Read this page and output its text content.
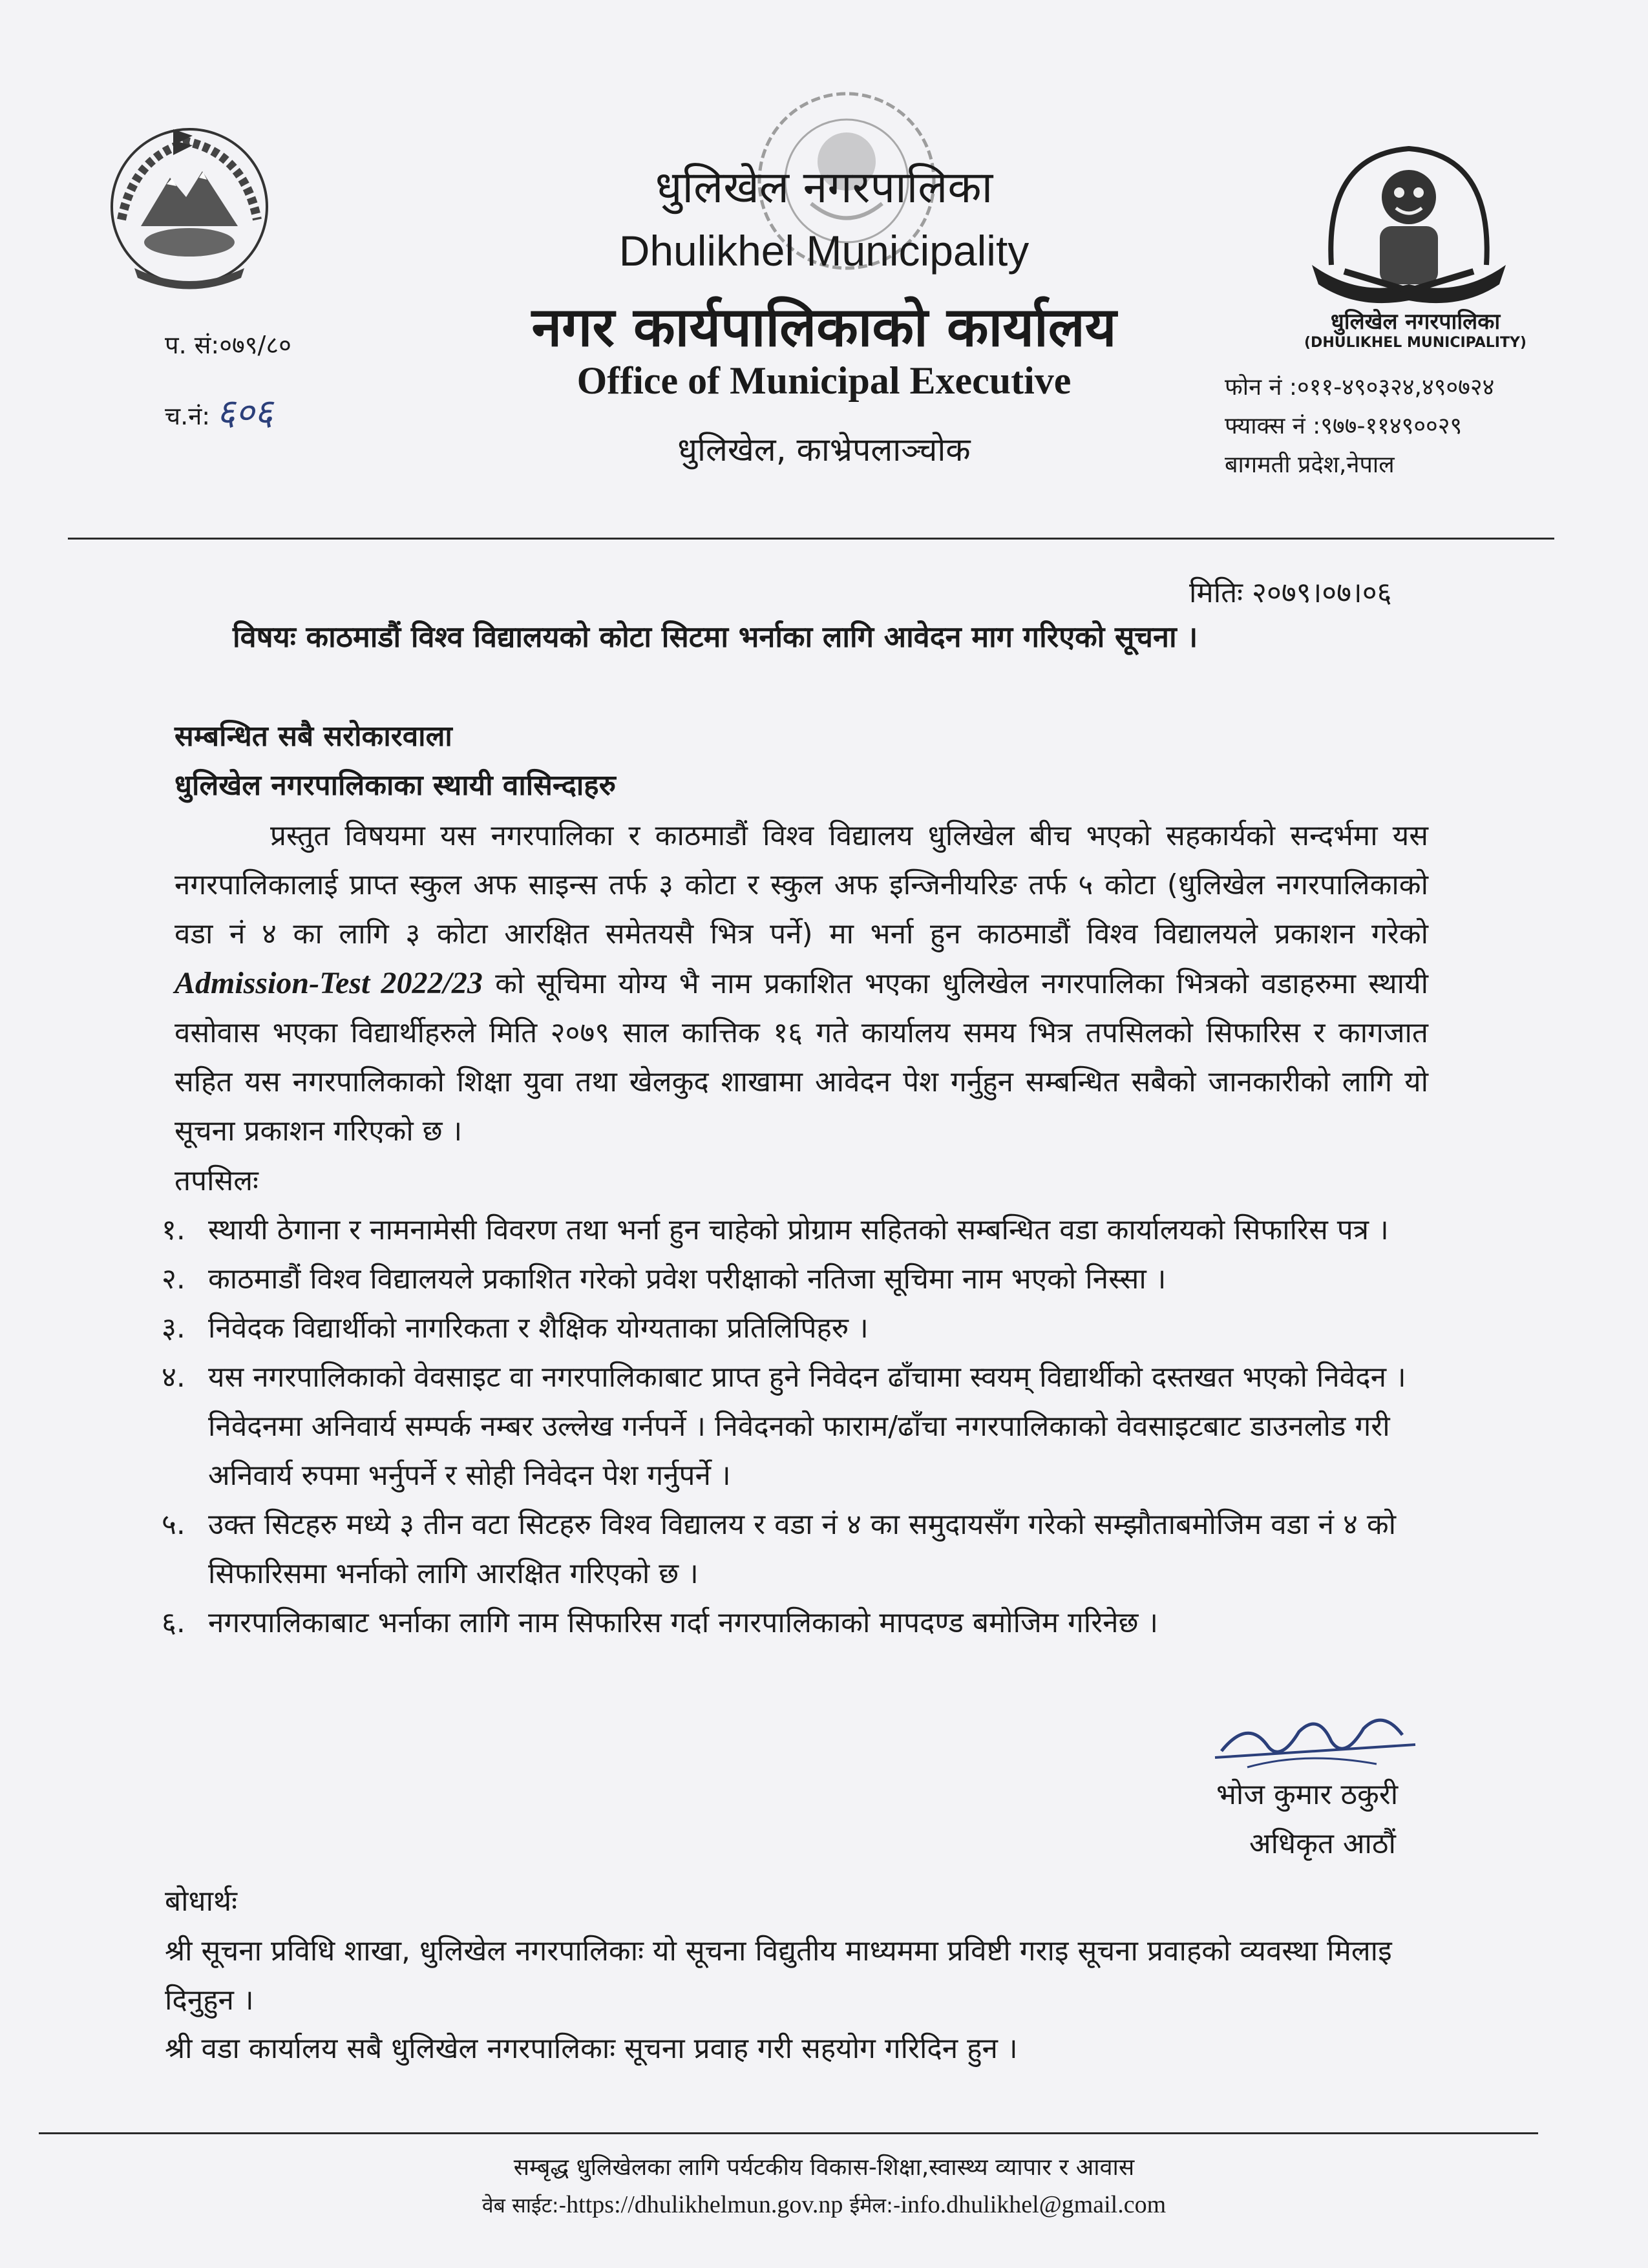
धुलिखेल नगरपालिका
(DHULIKHEL MUNICIPALITY)
धुलिखेल नगरपालिका
Dhulikhel Municipality
नगर कार्यपालिकाको कार्यालय
Office of Municipal Executive
धुलिखेल, काभ्रेपलाञ्चोक
प. सं:०७९/८०
च.नं: ६०६
फोन नं :०११-४९०३२४,४९०७२४
फ्याक्स नं :९७७-११४९००२९
बागमती प्रदेश,नेपाल
मितिः २०७९।०७।०६
विषयः काठमाडौं विश्व विद्यालयको कोटा सिटमा भर्नाका लागि आवेदन माग गरिएको सूचना ।
सम्बन्धित सबै सरोकारवाला
धुलिखेल नगरपालिकाका स्थायी वासिन्दाहरु
प्रस्तुत विषयमा यस नगरपालिका र काठमाडौं विश्व विद्यालय धुलिखेल बीच भएको सहकार्यको सन्दर्भमा यस नगरपालिकालाई प्राप्त स्कुल अफ साइन्स तर्फ ३ कोटा र स्कुल अफ इन्जिनीयरिङ तर्फ ५ कोटा (धुलिखेल नगरपालिकाको वडा नं ४ का लागि ३ कोटा आरक्षित समेतयसै भित्र पर्ने) मा भर्ना हुन काठमाडौं विश्व विद्यालयले प्रकाशन गरेको Admission-Test 2022/23 को सूचिमा योग्य भै नाम प्रकाशित भएका धुलिखेल नगरपालिका भित्रको वडाहरुमा स्थायी वसोवास भएका विद्यार्थीहरुले मिति २०७९ साल कात्तिक १६ गते कार्यालय समय भित्र तपसिलको सिफारिस र कागजात सहित यस नगरपालिकाको शिक्षा युवा तथा खेलकुद शाखामा आवेदन पेश गर्नुहुन सम्बन्धित सबैको जानकारीको लागि यो सूचना प्रकाशन गरिएको छ ।
तपसिलः
१. स्थायी ठेगाना र नामनामेसी विवरण तथा भर्ना हुन चाहेको प्रोग्राम सहितको सम्बन्धित वडा कार्यालयको सिफारिस पत्र ।
२. काठमाडौं विश्व विद्यालयले प्रकाशित गरेको प्रवेश परीक्षाको नतिजा सूचिमा नाम भएको निस्सा ।
३. निवेदक विद्यार्थीको नागरिकता र शैक्षिक योग्यताका प्रतिलिपिहरु ।
४. यस नगरपालिकाको वेवसाइट वा नगरपालिकाबाट प्राप्त हुने निवेदन ढाँचामा स्वयम् विद्यार्थीको दस्तखत भएको निवेदन । निवेदनमा अनिवार्य सम्पर्क नम्बर उल्लेख गर्नपर्ने । निवेदनको फाराम/ढाँचा नगरपालिकाको वेवसाइटबाट डाउनलोड गरी अनिवार्य रुपमा भर्नुपर्ने र सोही निवेदन पेश गर्नुपर्ने ।
५. उक्त सिटहरु मध्ये ३ तीन वटा सिटहरु विश्व विद्यालय र वडा नं ४ का समुदायसँग गरेको सम्झौताबमोजिम वडा नं ४ को सिफारिसमा भर्नाको लागि आरक्षित गरिएको छ ।
६. नगरपालिकाबाट भर्नाका लागि नाम सिफारिस गर्दा नगरपालिकाको मापदण्ड बमोजिम गरिनेछ ।
भोज कुमार ठकुरी
अधिकृत आठौं
बोधार्थः
श्री सूचना प्रविधि शाखा, धुलिखेल नगरपालिकाः यो सूचना विद्युतीय माध्यममा प्रविष्टी गराइ सूचना प्रवाहको व्यवस्था मिलाइ दिनुहुन ।
श्री वडा कार्यालय सबै धुलिखेल नगरपालिकाः सूचना प्रवाह गरी सहयोग गरिदिन हुन ।
सम्बृद्ध धुलिखेलका लागि पर्यटकीय विकास-शिक्षा,स्वास्थ्य व्यापार र आवास
वेब साईट:-https://dhulikhelmun.gov.np ईमेल:-info.dhulikhel@gmail.com
